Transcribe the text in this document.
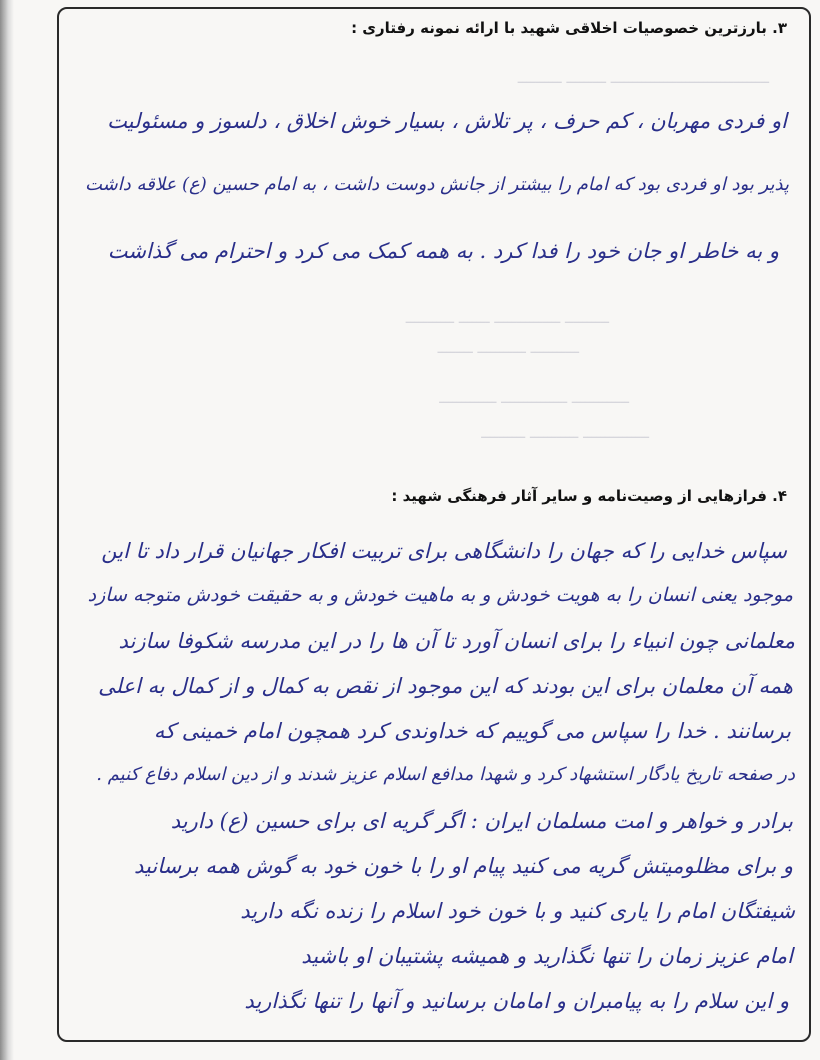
ــــــــــــــــــــــــــــــــــــ ـــــــــ ــــــــــ
ــــــــــ ـــــــــــــــ ـــــــ ـــــــــــ
ـــــــــــ ـــــــــــ ــــــــ
ـــــــــــــ ـــــــــــــــ ـــــــــــــ
ـــــــــــــــ ـــــــــــ ــــــــــ
۳. بارزترین خصوصیات اخلاقی شهید با ارائه نمونه رفتاری :
او فردی مهربان ، کم حرف ، پر تلاش ، بسیار خوش اخلاق ، دلسوز و مسئولیت
پذیر بود او فردی بود که امام را بیشتر از جانش دوست داشت ، به امام حسین (ع) علاقه داشت
و به خاطر او جان خود را فدا کرد . به همه کمک می کرد و احترام می گذاشت
۴. فرازهایی از وصیت‌نامه و سایر آثار فرهنگی شهید :
سپاس خدایی را که جهان را دانشگاهی برای تربیت افکار جهانیان قرار داد تا این
موجود یعنی انسان را به هویت خودش و به ماهیت خودش و به حقیقت خودش متوجه سازد
معلمانی چون انبیاء را برای انسان آورد تا آن ها را در این مدرسه شکوفا سازند
همه آن معلمان برای این بودند که این موجود از نقص به کمال و از کمال به اعلی
برسانند . خدا را سپاس می گوییم که خداوندی کرد همچون امام خمینی که
در صفحه تاریخ یادگار استشهاد کرد و شهدا مدافع اسلام عزیز شدند و از دین اسلام دفاع کنیم .
برادر و خواهر و امت مسلمان ایران : اگر گریه ای برای حسین (ع) دارید
و برای مظلومیتش گریه می کنید پیام او را با خون خود به گوش همه برسانید
شیفتگان امام را یاری کنید و با خون خود اسلام را زنده نگه دارید
امام عزیز زمان را تنها نگذارید و همیشه پشتیبان او باشید
و این سلام را به پیامبران و امامان برسانید و آنها را تنها نگذارید
